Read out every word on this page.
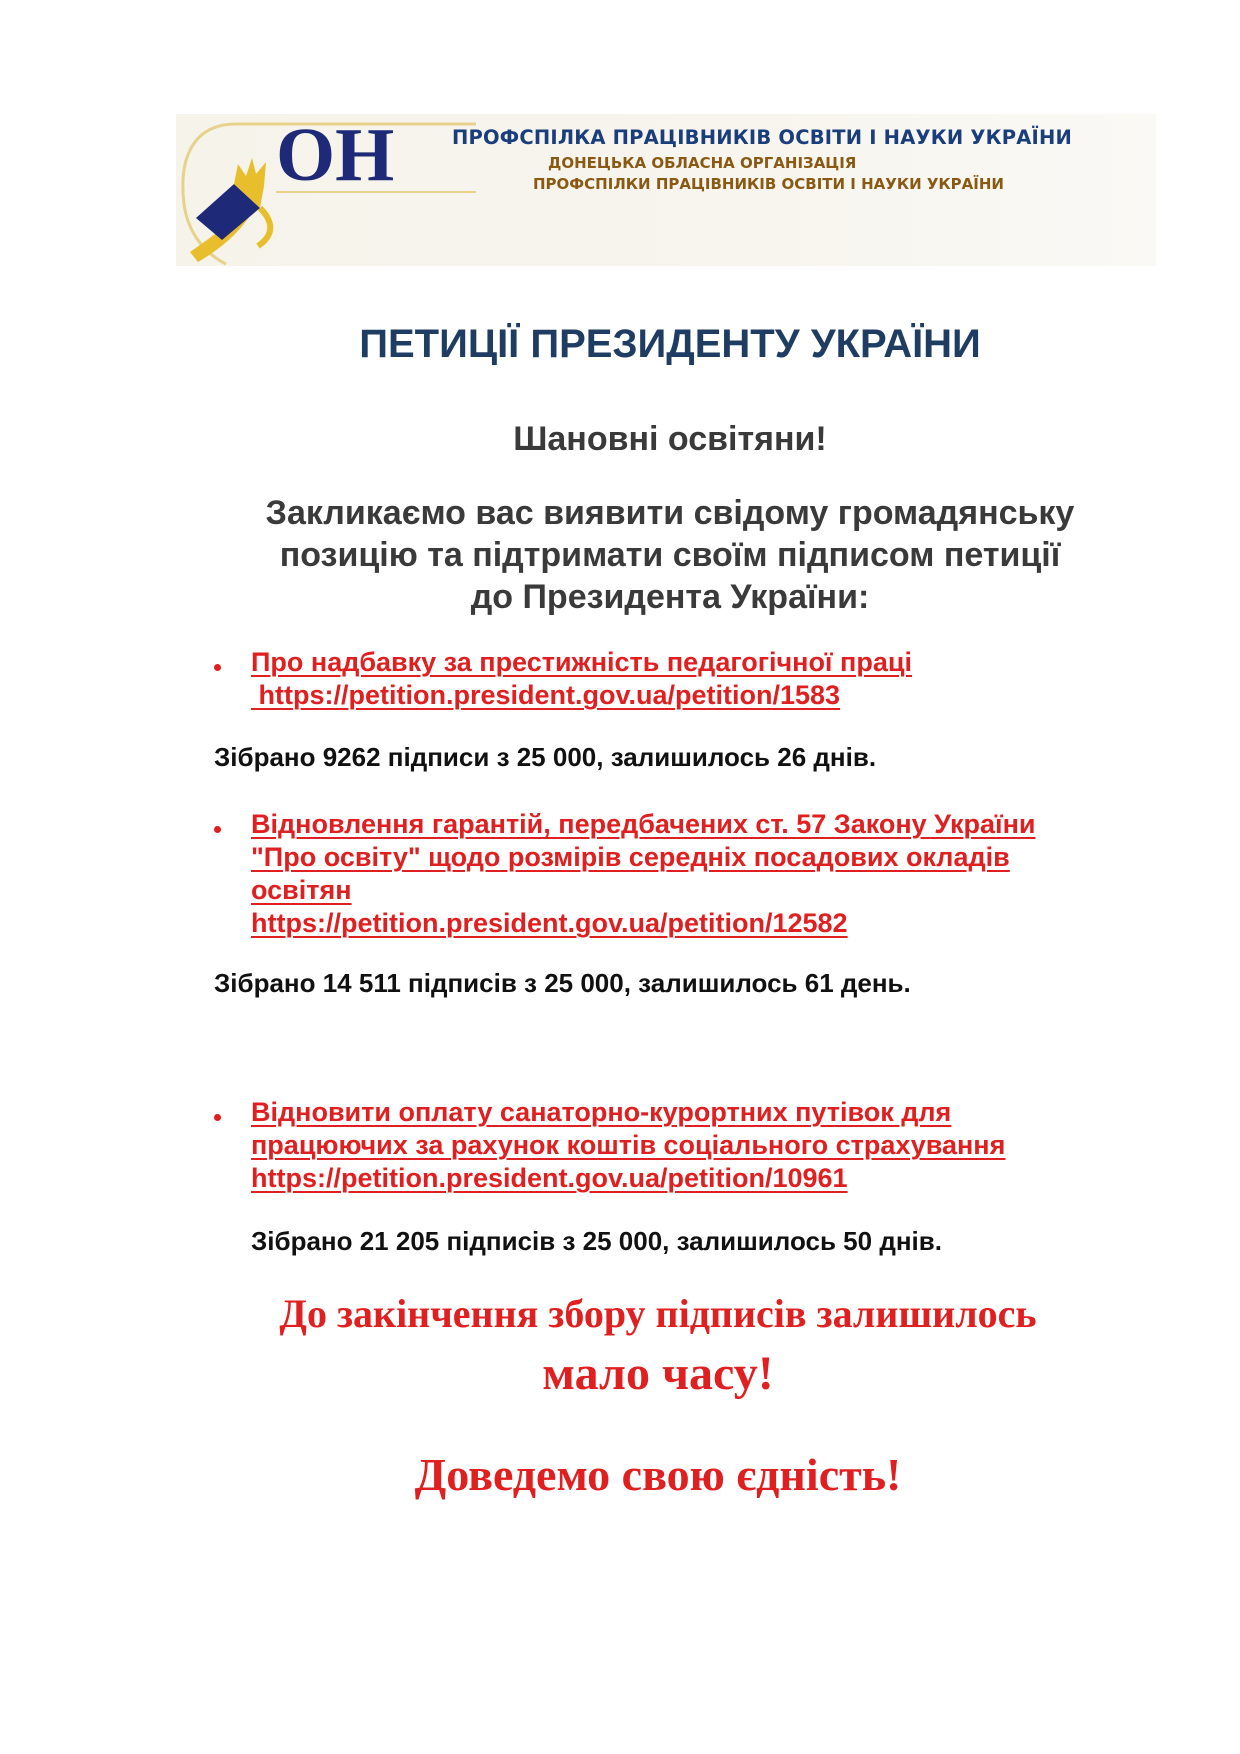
ОН	ПРОФСПІЛКА ПРАЦІВНИКІВ ОСВІТИ І НАУКИ УКРАЇНИ
ДОНЕЦЬКА ОБЛАСНА ОРГАНІЗАЦІЯ
ПРОФСПІЛКИ ПРАЦІВНИКІВ ОСВІТИ І НАУКИ УКРАЇНИ
ПЕТИЦІЇ ПРЕЗИДЕНТУ УКРАЇНИ
Шановні освітяни!
Закликаємо вас виявити свідому громадянську
позицію та підтримати своїм підписом петиції
до Президента України:
Про надбавку за престижність педагогічної праці
https://petition.president.gov.ua/petition/1583
Зібрано 9262 підписи з 25 000, залишилось 26 днів.
Відновлення гарантій, передбачених ст. 57 Закону України
"Про освіту" щодо розмірів середніх посадових окладів
освітян
https://petition.president.gov.ua/petition/12582
Зібрано 14 511 підписів з 25 000, залишилось 61 день.
Відновити оплату санаторно-курортних путівок для
працюючих за рахунок коштів соціального страхування
https://petition.president.gov.ua/petition/10961
Зібрано 21 205 підписів з 25 000, залишилось 50 днів.
До закінчення збору підписів залишилось
мало часу!
Доведемо свою єдність!
